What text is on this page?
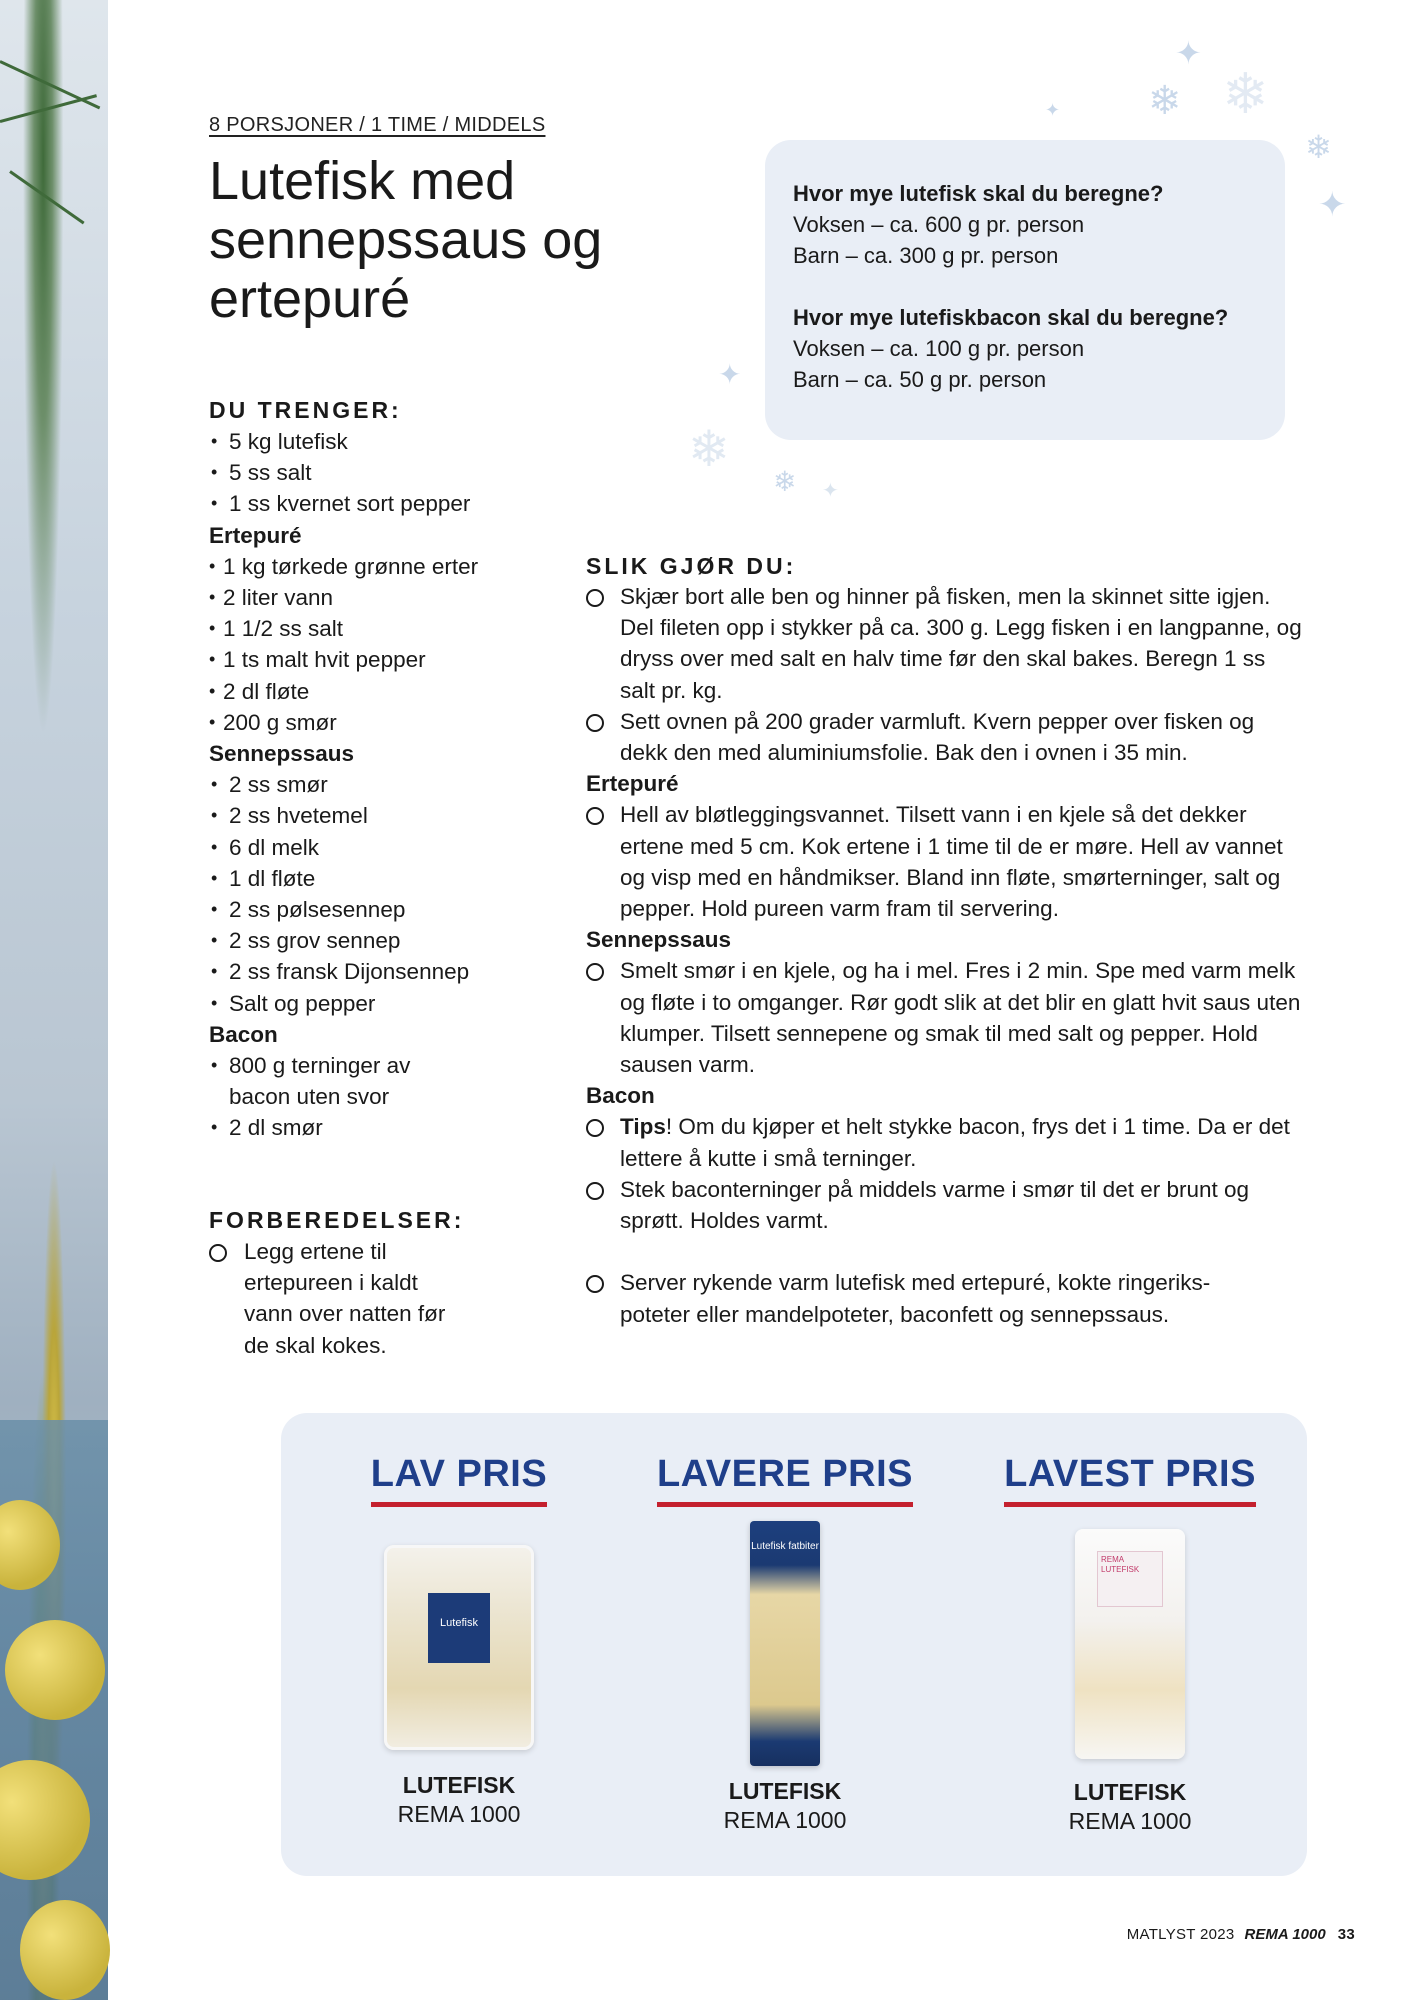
❄ ❄
✦
✦
❄
✦
✦
❄
❄ ✦
8 PORSJONER / 1 TIME / MIDDELS
Lutefisk med
sennepssaus og
ertepuré
Hvor mye lutefisk skal du beregne?
Voksen – ca. 600 g pr. person
Barn – ca. 300 g pr. person
Hvor mye lutefiskbacon skal du beregne?
Voksen – ca. 100 g pr. person
Barn – ca. 50 g pr. person
DU TRENGER:
• 5 kg lutefisk
• 5 ss salt
• 1 ss kvernet sort pepper
Ertepuré
• 1 kg tørkede grønne erter
• 2 liter vann
• 1 1/2 ss salt
• 1 ts malt hvit pepper
• 2 dl fløte
• 200 g smør
Sennepssaus
• 2 ss smør
• 2 ss hvetemel
• 6 dl melk
• 1 dl fløte
• 2 ss pølsesennep
• 2 ss grov sennep
• 2 ss fransk Dijonsennep
• Salt og pepper
Bacon
• 800 g terninger av
bacon uten svor
• 2 dl smør
FORBEREDELSER:
Legg ertene til ertepureen i kaldt vann over natten før de skal kokes.
SLIK GJØR DU:
Skjær bort alle ben og hinner på fisken, men la skinnet sitte igjen. Del fileten opp i stykker på ca. 300 g. Legg fisken i en langpanne, og dryss over med salt en halv time før den skal bakes. Beregn 1 ss salt pr. kg.
Sett ovnen på 200 grader varmluft. Kvern pepper over fisken og dekk den med aluminiumsfolie. Bak den i ovnen i 35 min.
Ertepuré
Hell av bløtleggingsvannet. Tilsett vann i en kjele så det dekker ertene med 5 cm. Kok ertene i 1 time til de er møre. Hell av vannet og visp med en håndmikser. Bland inn fløte, smørterninger, salt og pepper. Hold pureen varm fram til servering.
Sennepssaus
Smelt smør i en kjele, og ha i mel. Fres i 2 min. Spe med varm melk og fløte i to omganger. Rør godt slik at det blir en glatt hvit saus uten klumper. Tilsett sennepene og smak til med salt og pepper. Hold sausen varm.
Bacon
Tips! Om du kjøper et helt stykke bacon, frys det i 1 time. Da er det lettere å kutte i små terninger.
Stek baconterninger på middels varme i smør til det er brunt og sprøtt. Holdes varmt.
Server rykende varm lutefisk med ertepuré, kokte ringeriks-
poteter eller mandelpoteter, baconfett og sennepssaus.
LAV PRIS
Lutefisk
LUTEFISK
REMA 1000
LAVERE PRIS
Lutefisk fatbiter
LUTEFISK
REMA 1000
LAVEST PRIS
REMA LUTEFISK
LUTEFISK
REMA 1000
MATLYST 2023 REMA 1000 33
